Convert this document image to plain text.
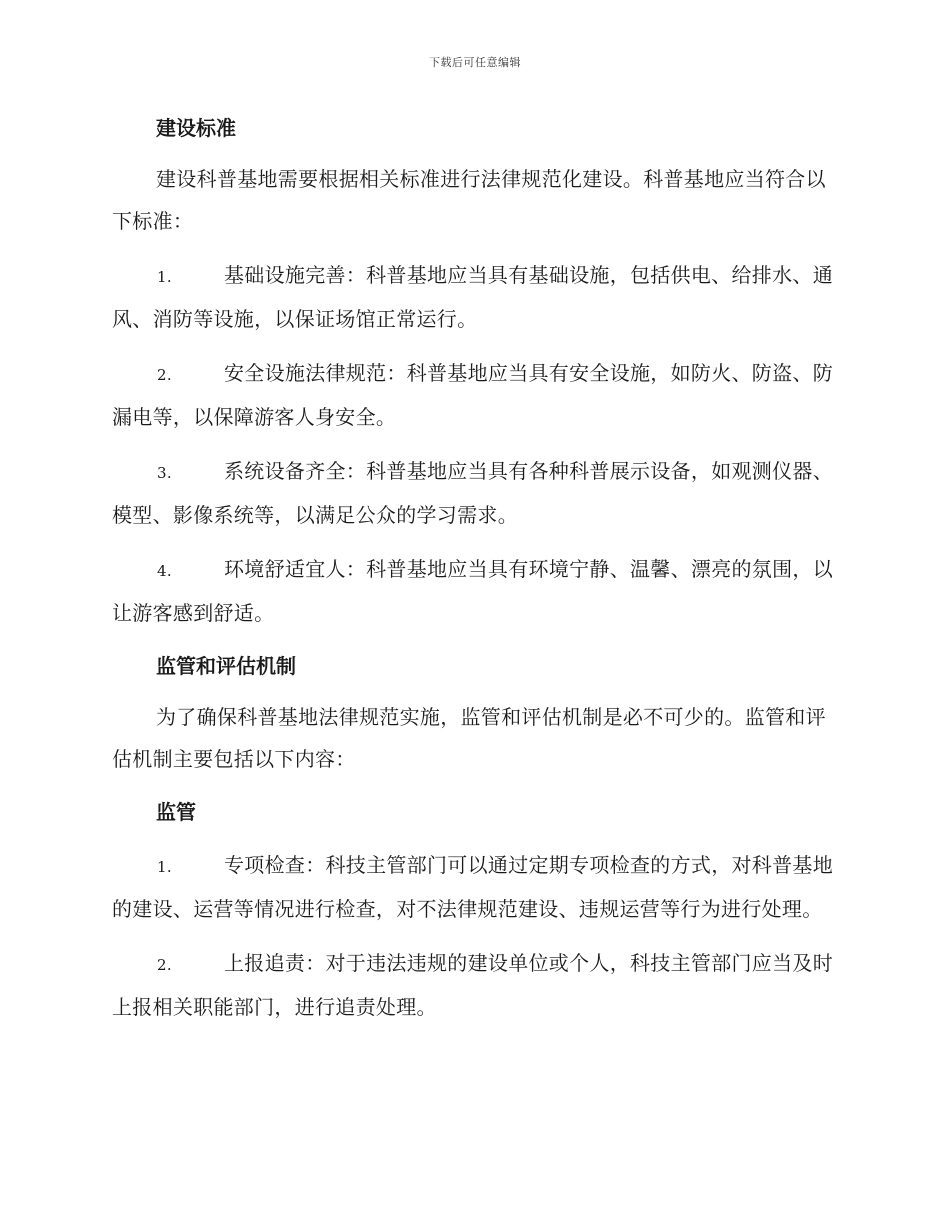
下载后可任意编辑
建设标准

建设科普基地需要根据相关标准进行法律规范化建设。科普基地应当符合以下标准：

1.	基础设施完善：科普基地应当具有基础设施，包括供电、给排水、通风、消防等设施，以保证场馆正常运行。

2.	安全设施法律规范：科普基地应当具有安全设施，如防火、防盗、防漏电等，以保障游客人身安全。

3.	系统设备齐全：科普基地应当具有各种科普展示设备，如观测仪器、模型、影像系统等，以满足公众的学习需求。

4.	环境舒适宜人：科普基地应当具有环境宁静、温馨、漂亮的氛围，以让游客感到舒适。

监管和评估机制

为了确保科普基地法律规范实施，监管和评估机制是必不可少的。监管和评估机制主要包括以下内容：

监管

1.	专项检查：科技主管部门可以通过定期专项检查的方式，对科普基地的建设、运营等情况进行检查，对不法律规范建设、违规运营等行为进行处理。

2.	上报追责：对于违法违规的建设单位或个人，科技主管部门应当及时上报相关职能部门，进行追责处理。
